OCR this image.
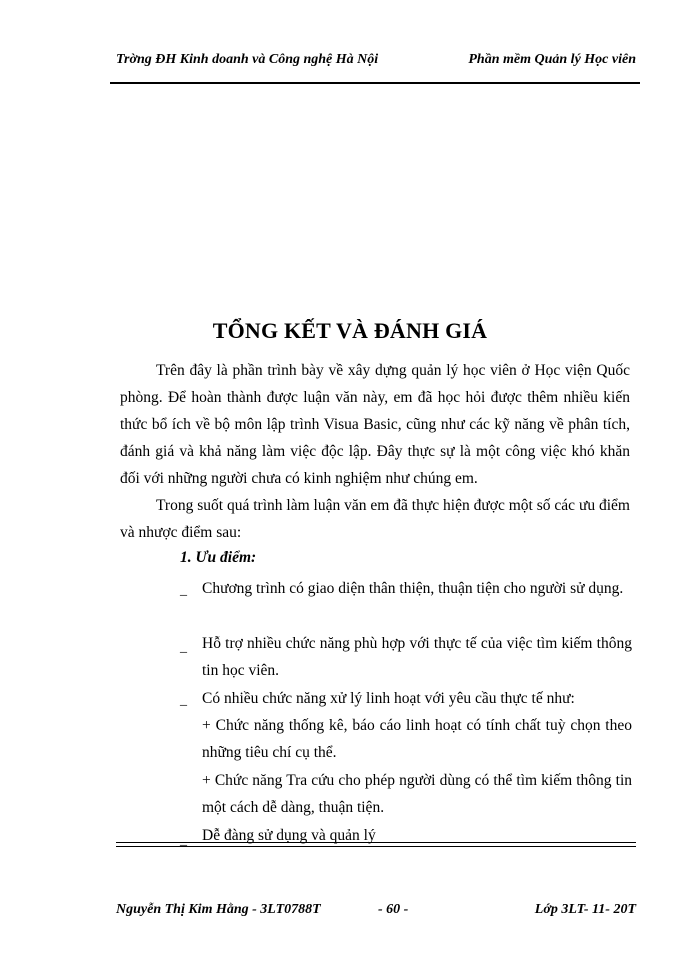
Trờng ĐH Kinh doanh và Công nghệ Hà Nội	Phần mềm Quản lý Học viên
TỔNG KẾT VÀ ĐÁNH GIÁ
Trên đây là phần trình bày về xây dựng quản lý học viên ở Học viện Quốc phòng. Để hoàn thành được luận văn này, em đã học hỏi được thêm nhiều kiến thức bổ ích về bộ môn lập trình Visua Basic, cũng như các kỹ năng về phân tích, đánh giá và khả năng làm việc độc lập. Đây thực sự là một công việc khó khăn đối với những người chưa có kinh nghiệm như chúng em.
Trong suốt quá trình làm luận văn em đã thực hiện được một số các ưu điểm và nhược điểm sau:
1. Ưu điểm:
_ Chương trình có giao diện thân thiện, thuận tiện cho người sử dụng.
_ Hỗ trợ nhiều chức năng phù hợp với thực tế của việc tìm kiếm thông tin học viên.
_ Có nhiều chức năng xử lý linh hoạt với yêu cầu thực tế như:
+ Chức năng thống kê, báo cáo linh hoạt có tính chất tuỳ chọn theo những tiêu chí cụ thể.
+ Chức năng Tra cứu cho phép người dùng có thể tìm kiếm thông tin một cách dễ dàng, thuận tiện.
_ Dễ đàng sử dụng và quản lý
Nguyễn Thị Kim Hằng - 3LT0788T	- 60 -	Lớp 3LT- 11- 20T
